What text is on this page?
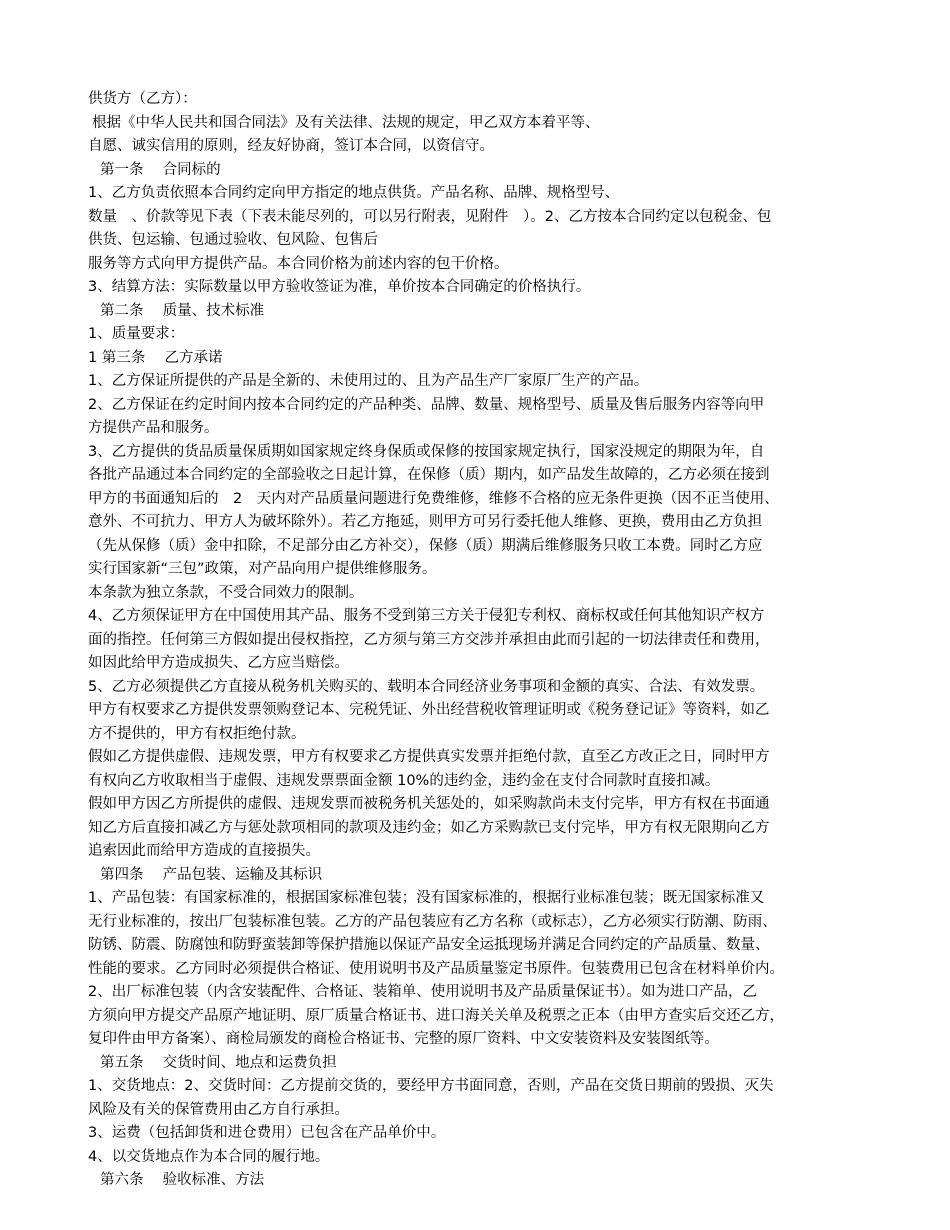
供货方（乙方）：
根据《中华人民共和国合同法》及有关法律、法规的规定，甲乙双方本着平等、
自愿、诚实信用的原则，经友好协商，签订本合同，以资信守。
第一条　 合同标的
1、乙方负责依照本合同约定向甲方指定的地点供货。产品名称、品牌、规格型号、
数量　、价款等见下表（下表未能尽列的，可以另行附表，见附件　）。2、乙方按本合同约定以包税金、包
供货、包运输、包通过验收、包风险、包售后
服务等方式向甲方提供产品。本合同价格为前述内容的包干价格。
3、结算方法：实际数量以甲方验收签证为准，单价按本合同确定的价格执行。
第二条　 质量、技术标准
1、质量要求：
1 第三条　 乙方承诺
1、乙方保证所提供的产品是全新的、未使用过的、且为产品生产厂家原厂生产的产品。
2、乙方保证在约定时间内按本合同约定的产品种类、品牌、数量、规格型号、质量及售后服务内容等向甲
方提供产品和服务。
3、乙方提供的货品质量保质期如国家规定终身保质或保修的按国家规定执行，国家没规定的期限为年，自
各批产品通过本合同约定的全部验收之日起计算，在保修（质）期内，如产品发生故障的，乙方必须在接到
甲方的书面通知后的　2　天内对产品质量问题进行免费维修，维修不合格的应无条件更换（因不正当使用、
意外、不可抗力、甲方人为破坏除外）。若乙方拖延，则甲方可另行委托他人维修、更换，费用由乙方负担
（先从保修（质）金中扣除，不足部分由乙方补交），保修（质）期满后维修服务只收工本费。同时乙方应
实行国家新“三包”政策，对产品向用户提供维修服务。
本条款为独立条款，不受合同效力的限制。
4、乙方须保证甲方在中国使用其产品、服务不受到第三方关于侵犯专利权、商标权或任何其他知识产权方
面的指控。任何第三方假如提出侵权指控，乙方须与第三方交涉并承担由此而引起的一切法律责任和费用，
如因此给甲方造成损失、乙方应当赔偿。
5、乙方必须提供乙方直接从税务机关购买的、载明本合同经济业务事项和金额的真实、合法、有效发票。
甲方有权要求乙方提供发票领购登记本、完税凭证、外出经营税收管理证明或《税务登记证》等资料，如乙
方不提供的，甲方有权拒绝付款。
假如乙方提供虚假、违规发票，甲方有权要求乙方提供真实发票并拒绝付款，直至乙方改正之日，同时甲方
有权向乙方收取相当于虚假、违规发票票面金额 10%的违约金，违约金在支付合同款时直接扣减。
假如甲方因乙方所提供的虚假、违规发票而被税务机关惩处的，如采购款尚未支付完毕，甲方有权在书面通
知乙方后直接扣减乙方与惩处款项相同的款项及违约金；如乙方采购款已支付完毕，甲方有权无限期向乙方
追索因此而给甲方造成的直接损失。
第四条　 产品包装、运输及其标识
1、产品包装：有国家标准的，根据国家标准包装；没有国家标准的，根据行业标准包装；既无国家标准又
无行业标准的，按出厂包装标准包装。乙方的产品包装应有乙方名称（或标志），乙方必须实行防潮、防雨、
防锈、防震、防腐蚀和防野蛮装卸等保护措施以保证产品安全运抵现场并满足合同约定的产品质量、数量、
性能的要求。乙方同时必须提供合格证、使用说明书及产品质量鉴定书原件。包装费用已包含在材料单价内。
2、出厂标准包装（内含安装配件、合格证、装箱单、使用说明书及产品质量保证书）。如为进口产品，乙
方须向甲方提交产品原产地证明、原厂质量合格证书、进口海关关单及税票之正本（由甲方查实后交还乙方，
复印件由甲方备案）、商检局颁发的商检合格证书、完整的原厂资料、中文安装资料及安装图纸等。
第五条　 交货时间、地点和运费负担
1、交货地点：2、交货时间：乙方提前交货的，要经甲方书面同意，否则，产品在交货日期前的毁损、灭失
风险及有关的保管费用由乙方自行承担。
3、运费（包括卸货和进仓费用）已包含在产品单价中。
4、以交货地点作为本合同的履行地。
第六条　 验收标准、方法
